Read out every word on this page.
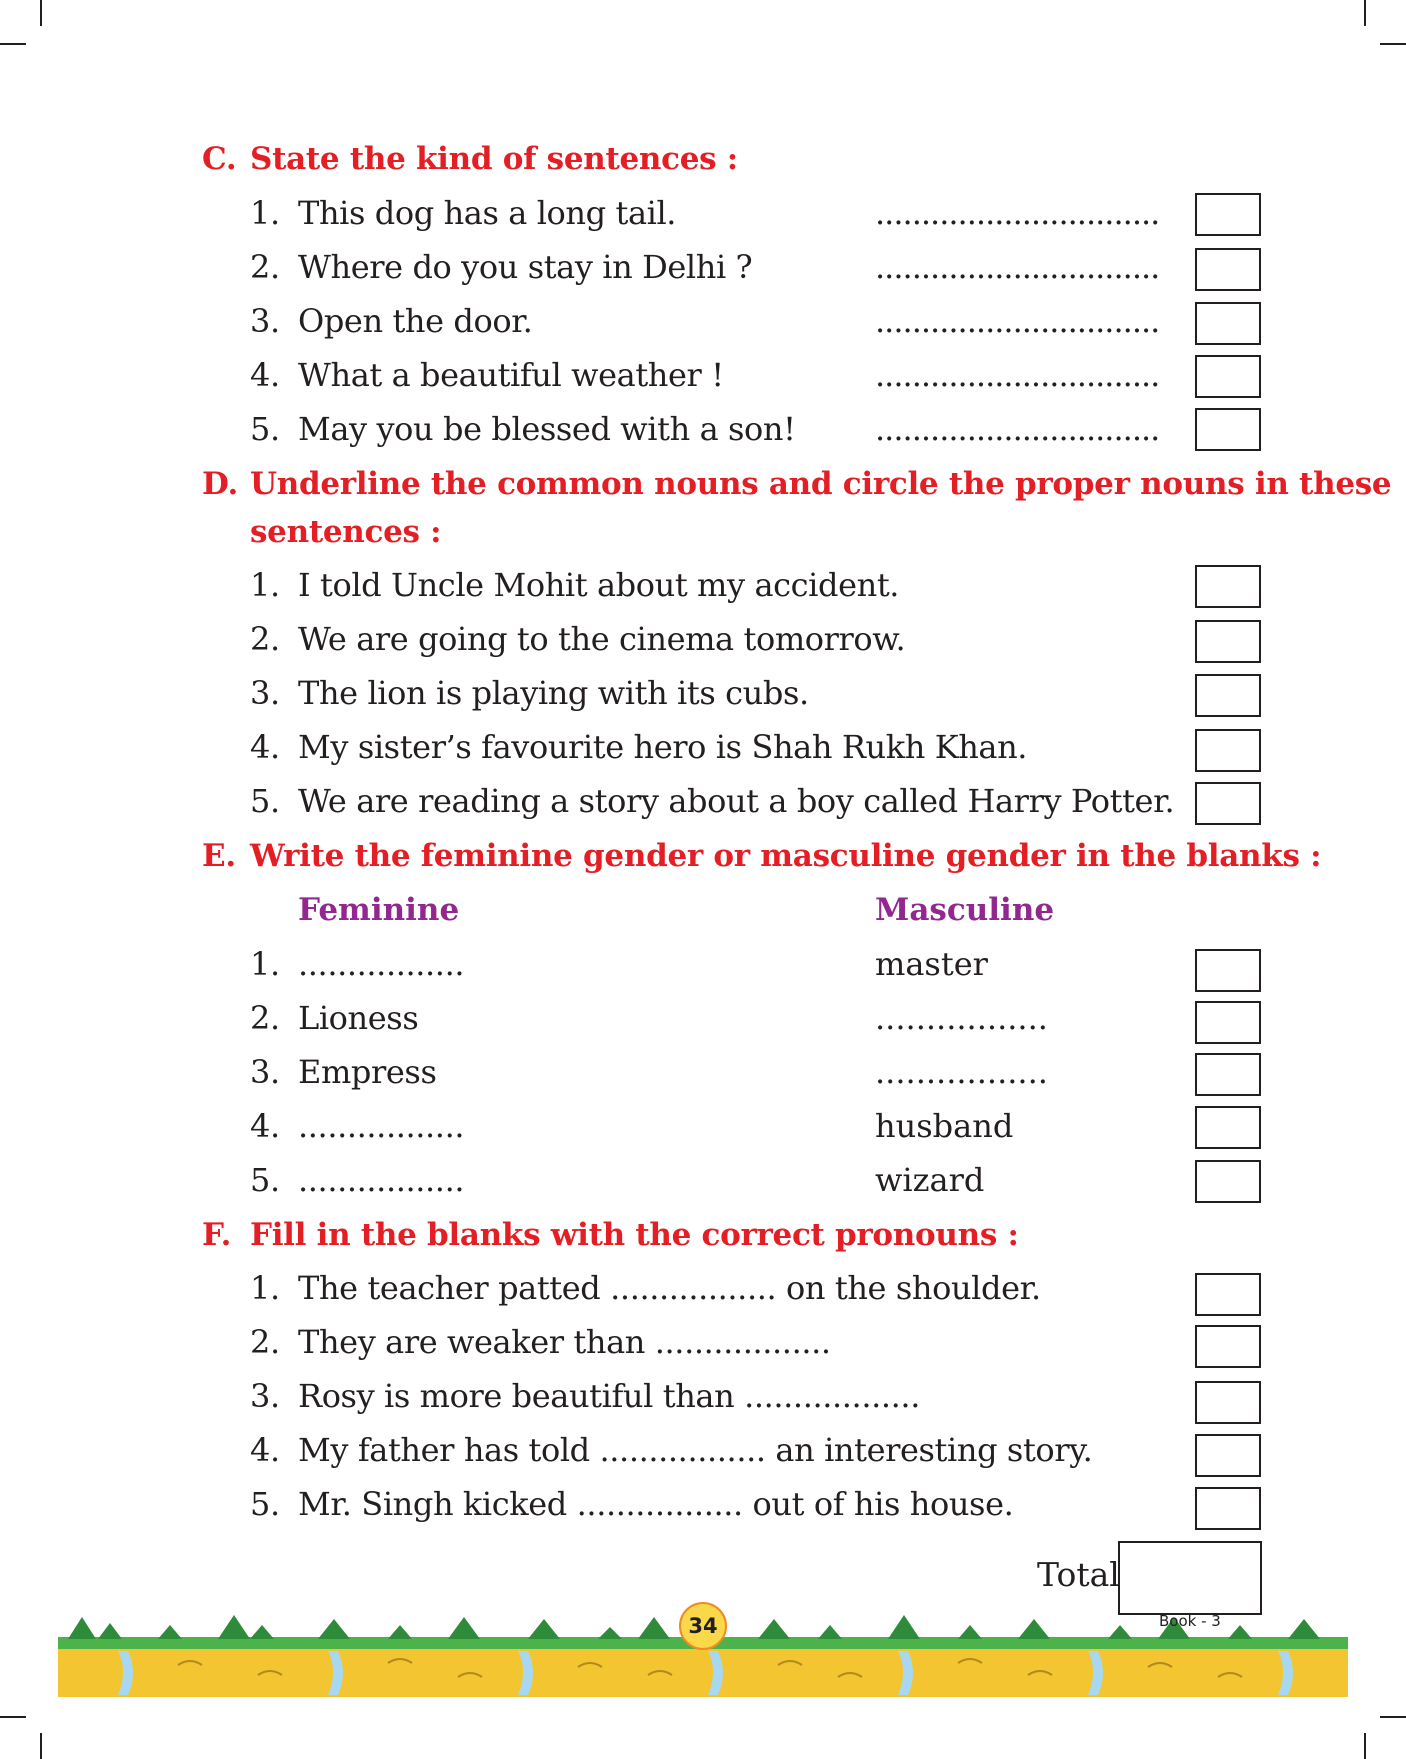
C. State the kind of sentences :
1. This dog has a long tail.	...............................
2. Where do you stay in Delhi ?	...............................
3. Open the door.	...............................
4. What a beautiful weather !	...............................
5. May you be blessed with a son! ...............................
D. Underline the common nouns and circle the proper nouns in these
sentences :
1. I told Uncle Mohit about my accident.
2. We are going to the cinema tomorrow.
3. The lion is playing with its cubs.
4. My sister’s favourite hero is Shah Rukh Khan.
5. We are reading a story about a boy called Harry Potter.
E. Write the feminine gender or masculine gender in the blanks :
Feminine	Masculine
1. .................	master
2. Lioness	.................
3. Empress	.................
4. .................	husband
5. .................	wizard
F. Fill in the blanks with the correct pronouns :
1. The teacher patted ................. on the shoulder.
2. They are weaker than ..................
3. Rosy is more beautiful than ..................
4. My father has told ................. an interesting story.
5. Mr. Singh kicked ................. out of his house.
Total
34	Book - 3
